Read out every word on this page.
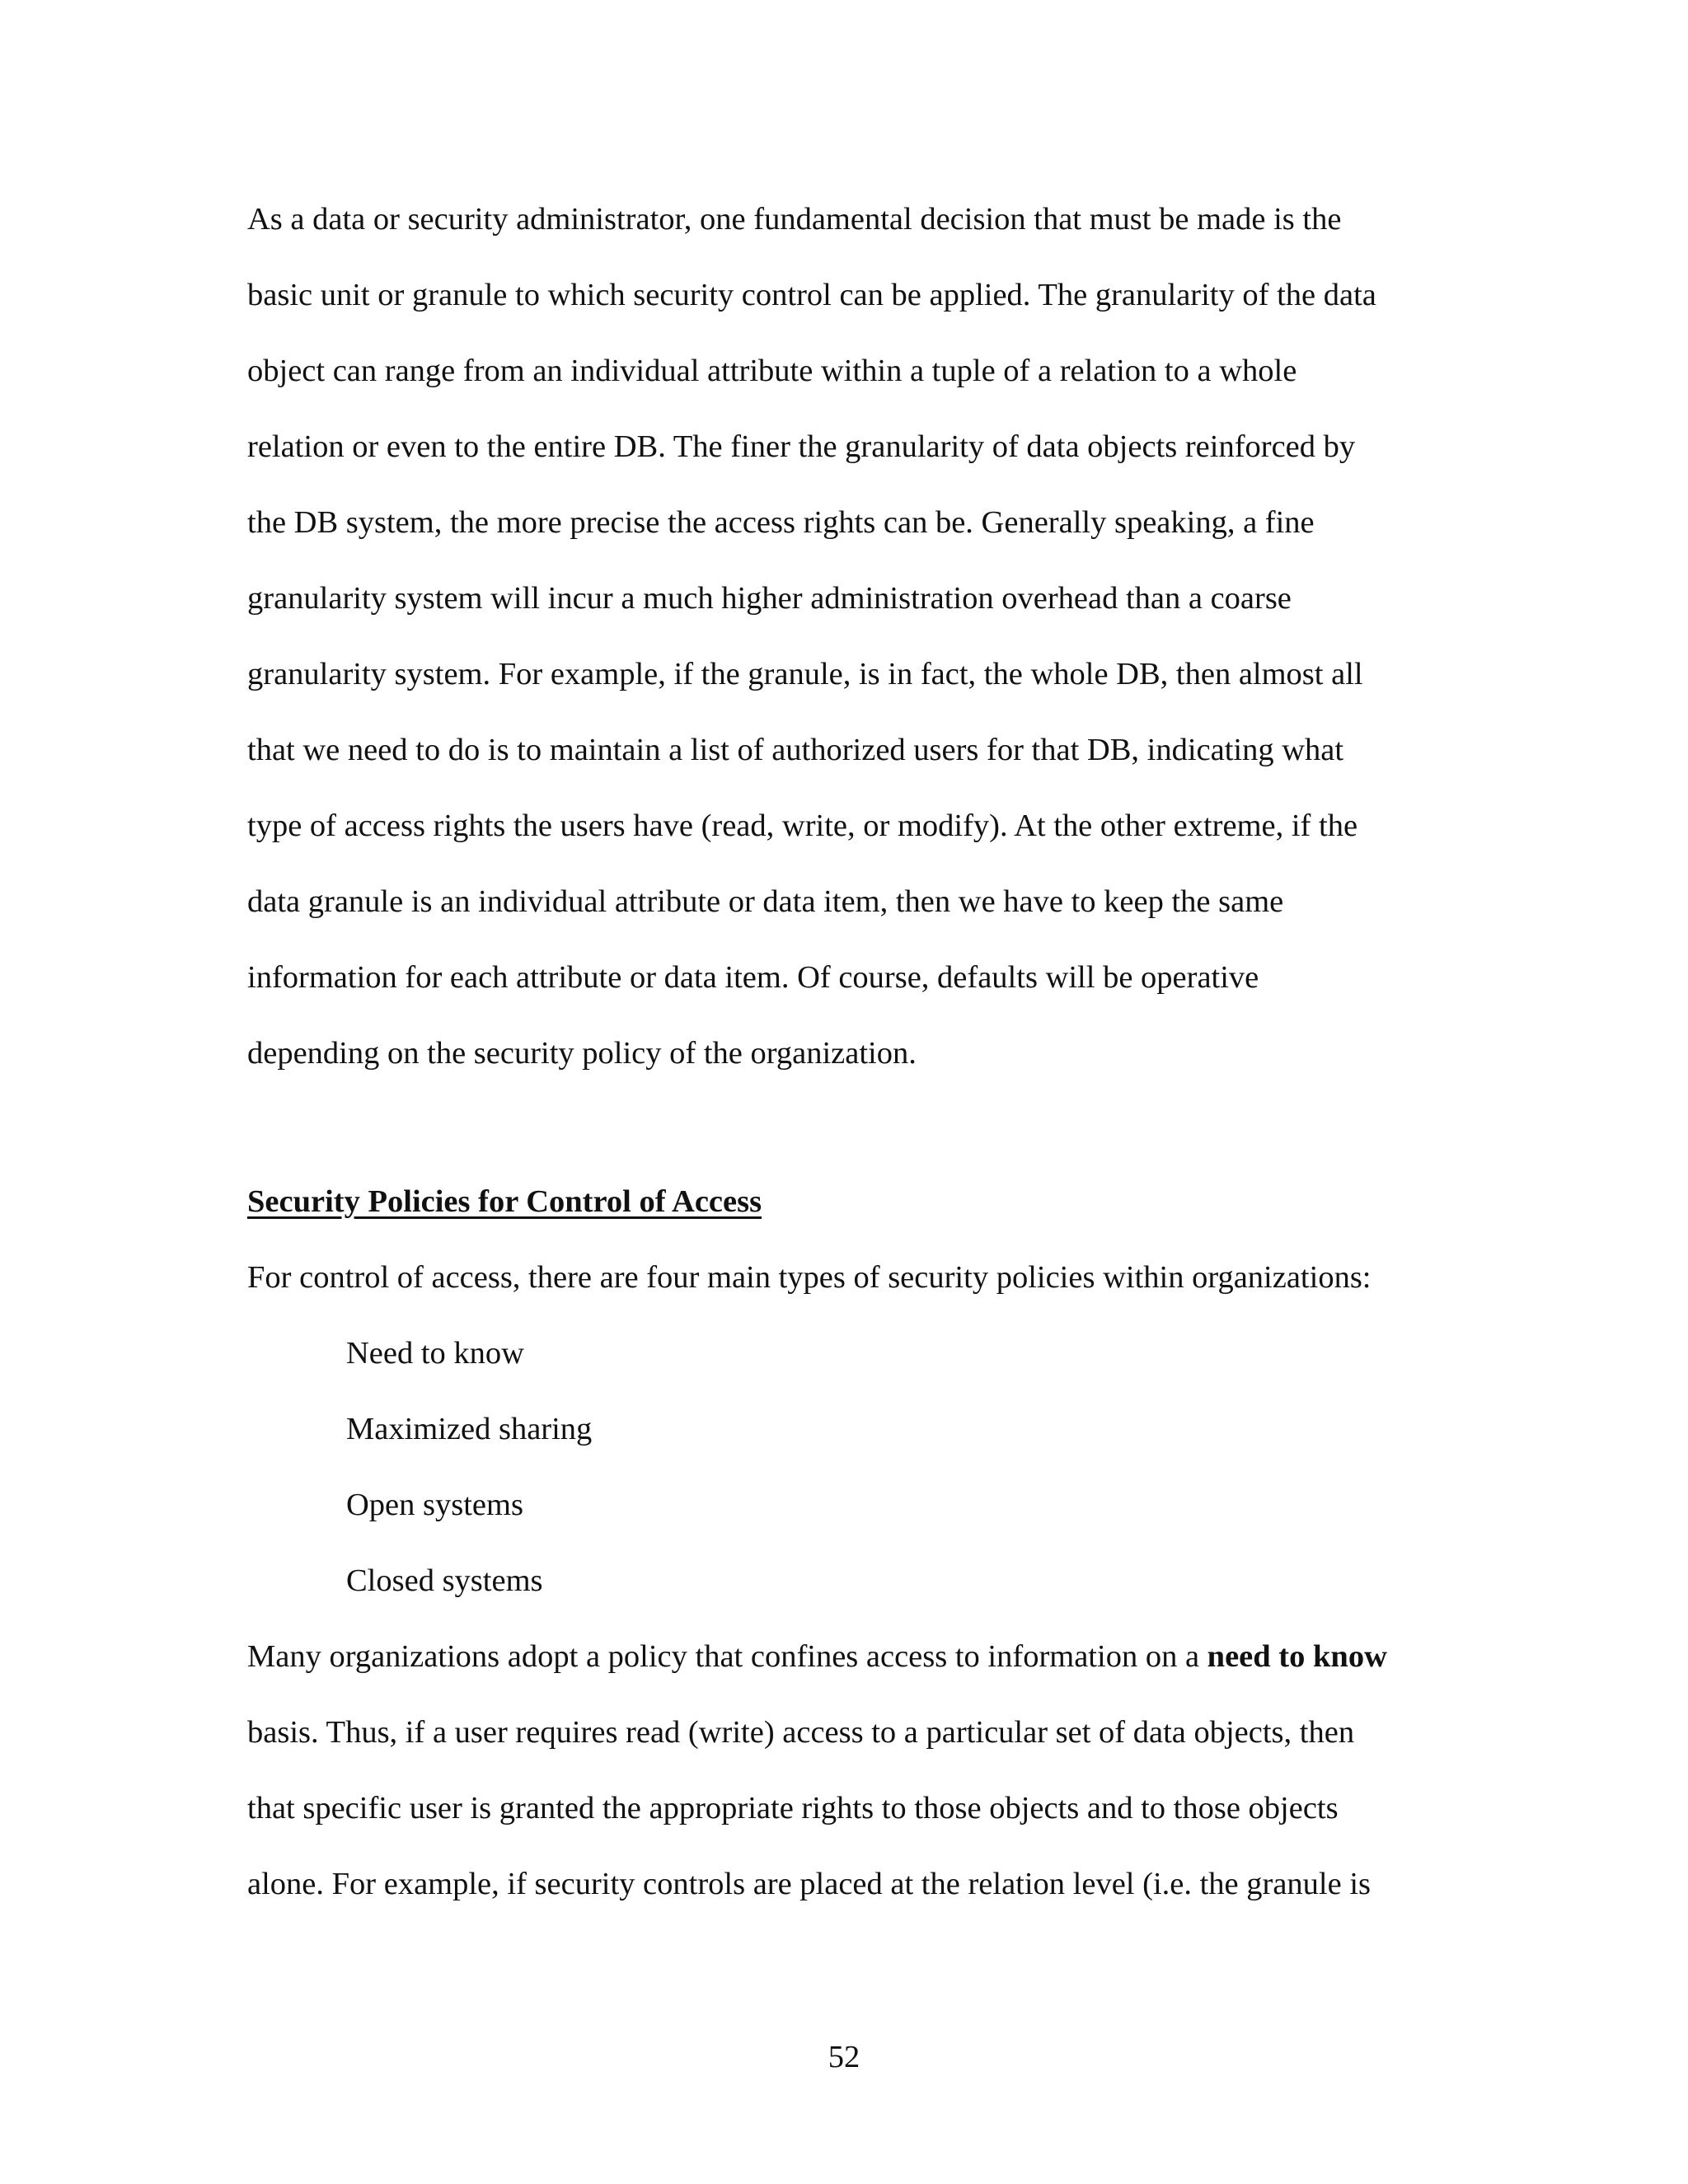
As a data or security administrator, one fundamental decision that must be made is the
basic unit or granule to which security control can be applied. The granularity of the data
object can range from an individual attribute within a tuple of a relation to a whole
relation or even to the entire DB. The finer the granularity of data objects reinforced by
the DB system, the more precise the access rights can be. Generally speaking, a fine
granularity system will incur a much higher administration overhead than a coarse
granularity system. For example, if the granule, is in fact, the whole DB, then almost all
that we need to do is to maintain a list of authorized users for that DB, indicating what
type of access rights the users have (read, write, or modify). At the other extreme, if the
data granule is an individual attribute or data item, then we have to keep the same
information for each attribute or data item. Of course, defaults will be operative
depending on the security policy of the organization.
Security Policies for Control of Access
For control of access, there are four main types of security policies within organizations:
Need to know
Maximized sharing
Open systems
Closed systems
Many organizations adopt a policy that confines access to information on a need to know
basis. Thus, if a user requires read (write) access to a particular set of data objects, then
that specific user is granted the appropriate rights to those objects and to those objects
alone. For example, if security controls are placed at the relation level (i.e. the granule is
52
